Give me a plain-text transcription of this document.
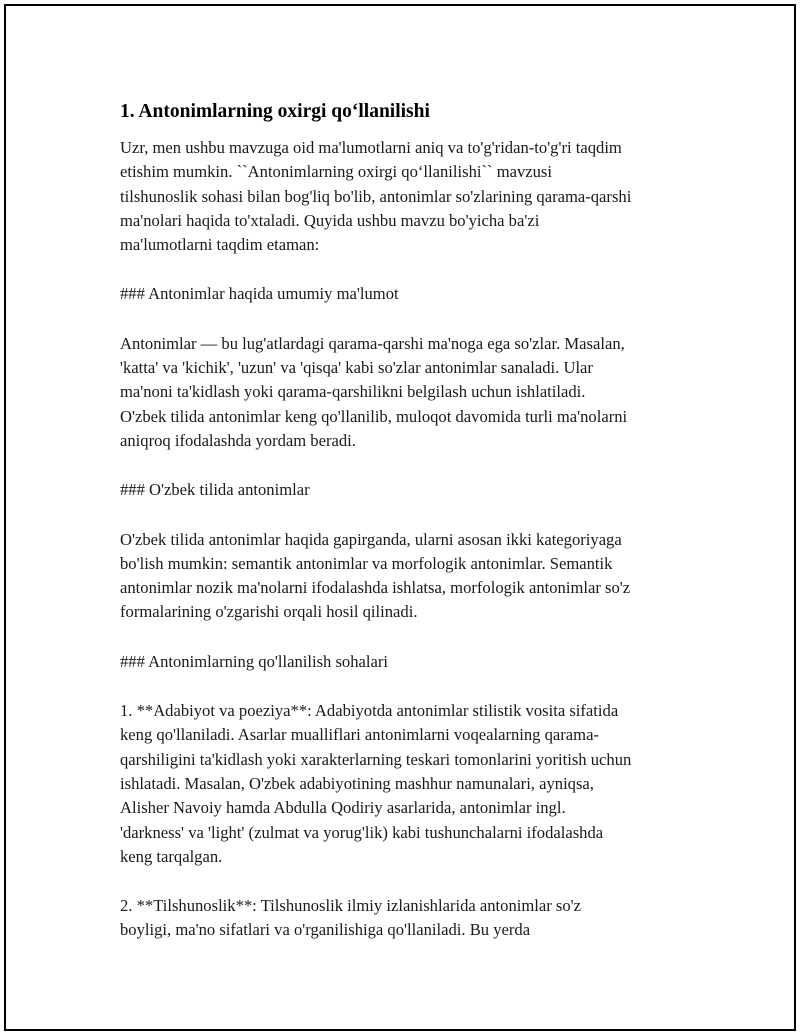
1. Antonimlarning oxirgi qo‘llanilishi
Uzr, men ushbu mavzuga oid ma'lumotlarni aniq va to'g'ridan-to'g'ri taqdim
etishim mumkin. ``Antonimlarning oxirgi qo‘llanilishi`` mavzusi
tilshunoslik sohasi bilan bog'liq bo'lib, antonimlar so'zlarining qarama-qarshi
ma'nolari haqida to'xtaladi. Quyida ushbu mavzu bo'yicha ba'zi
ma'lumotlarni taqdim etaman:
### Antonimlar haqida umumiy ma'lumot
Antonimlar — bu lug'atlardagi qarama-qarshi ma'noga ega so'zlar. Masalan,
'katta' va 'kichik', 'uzun' va 'qisqa' kabi so'zlar antonimlar sanaladi. Ular
ma'noni ta'kidlash yoki qarama-qarshilikni belgilash uchun ishlatiladi.
O'zbek tilida antonimlar keng qo'llanilib, muloqot davomida turli ma'nolarni
aniqroq ifodalashda yordam beradi.
### O'zbek tilida antonimlar
O'zbek tilida antonimlar haqida gapirganda, ularni asosan ikki kategoriyaga
bo'lish mumkin: semantik antonimlar va morfologik antonimlar. Semantik
antonimlar nozik ma'nolarni ifodalashda ishlatsa, morfologik antonimlar so'z
formalarining o'zgarishi orqali hosil qilinadi.
### Antonimlarning qo'llanilish sohalari
1. **Adabiyot va poeziya**: Adabiyotda antonimlar stilistik vosita sifatida
keng qo'llaniladi. Asarlar mualliflari antonimlarni voqealarning qarama-
qarshiligini ta'kidlash yoki xarakterlarning teskari tomonlarini yoritish uchun
ishlatadi. Masalan, O'zbek adabiyotining mashhur namunalari, ayniqsa,
Alisher Navoiy hamda Abdulla Qodiriy asarlarida, antonimlar ingl.
'darkness' va 'light' (zulmat va yorug'lik) kabi tushunchalarni ifodalashda
keng tarqalgan.
2. **Tilshunoslik**: Tilshunoslik ilmiy izlanishlarida antonimlar so'z
boyligi, ma'no sifatlari va o'rganilishiga qo'llaniladi. Bu yerda
